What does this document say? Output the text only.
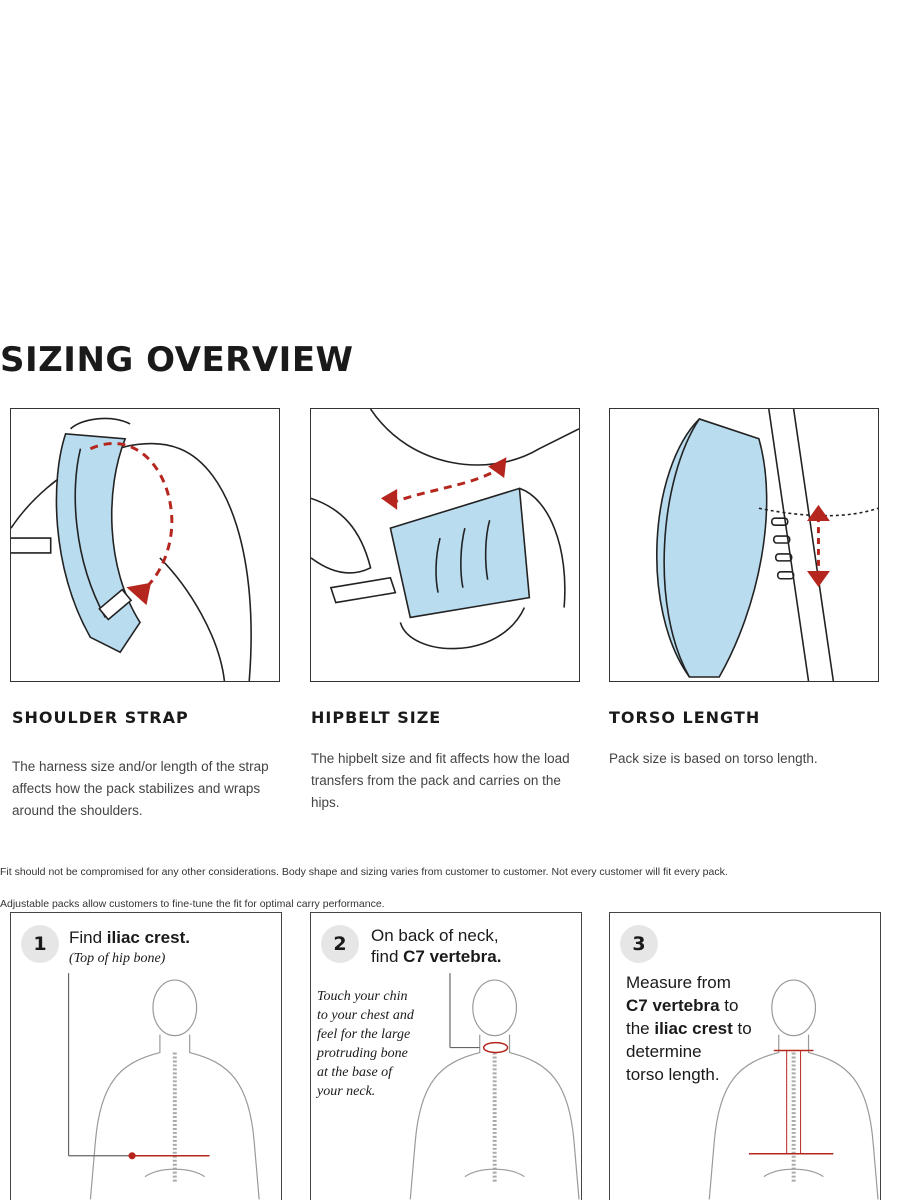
SIZING OVERVIEW
SHOULDER STRAP	HIPBELT SIZE	TORSO LENGTH
The harness size and/or length of the strap affects how the pack stabilizes and wraps around the shoulders.
The hipbelt size and fit affects how the load transfers from the pack and carries on the hips.
Pack size is based on torso length.

Fit should not be compromised for any other considerations. Body shape and sizing varies from customer to customer. Not every customer will fit every pack.

Adjustable packs allow customers to fine-tune the fit for optimal carry performance.

1	Find iliac crest.
(Top of hip bone)
2	On back of neck,
find C7 vertebra.
Touch your chin
to your chest and
feel for the large
protruding bone
at the base of
your neck.
3
Measure from
C7 vertebra to
the iliac crest to
determine
torso length.
